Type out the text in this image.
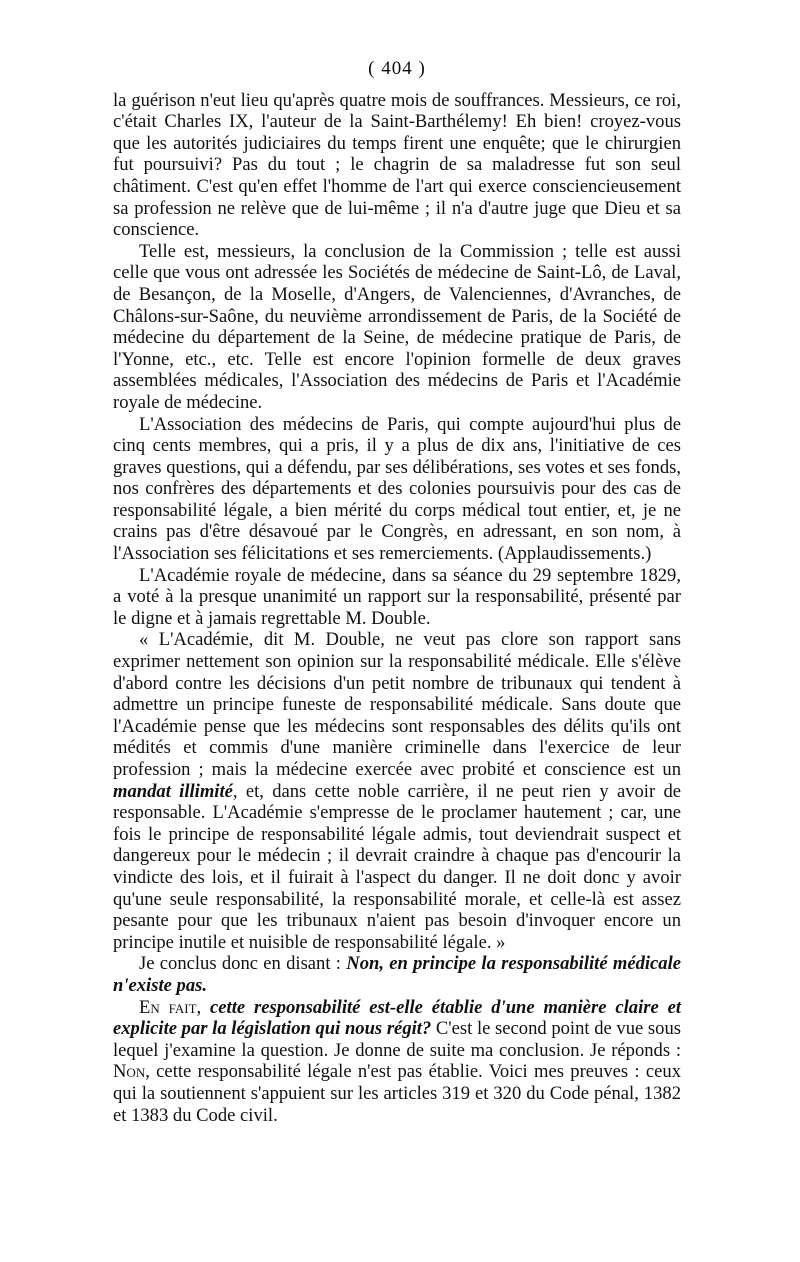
( 404 )

la guérison n'eut lieu qu'après quatre mois de souffrances. Messieurs, ce roi, c'était Charles IX, l'auteur de la Saint-Barthélemy! Eh bien! croyez-vous que les autorités judiciaires du temps firent une enquête; que le chirurgien fut poursuivi? Pas du tout ; le chagrin de sa maladresse fut son seul châtiment. C'est qu'en effet l'homme de l'art qui exerce consciencieusement sa profession ne relève que de lui-même ; il n'a d'autre juge que Dieu et sa conscience.

Telle est, messieurs, la conclusion de la Commission ; telle est aussi celle que vous ont adressée les Sociétés de médecine de Saint-Lô, de Laval, de Besançon, de la Moselle, d'Angers, de Valenciennes, d'Avranches, de Châlons-sur-Saône, du neuvième arrondissement de Paris, de la Société de médecine du département de la Seine, de médecine pratique de Paris, de l'Yonne, etc., etc. Telle est encore l'opinion formelle de deux graves assemblées médicales, l'Association des médecins de Paris et l'Académie royale de médecine.

L'Association des médecins de Paris, qui compte aujourd'hui plus de cinq cents membres, qui a pris, il y a plus de dix ans, l'initiative de ces graves questions, qui a défendu, par ses délibérations, ses votes et ses fonds, nos confrères des départements et des colonies poursuivis pour des cas de responsabilité légale, a bien mérité du corps médical tout entier, et, je ne crains pas d'être désavoué par le Congrès, en adressant, en son nom, à l'Association ses félicitations et ses remerciements. (Applaudissements.)

L'Académie royale de médecine, dans sa séance du 29 septembre 1829, a voté à la presque unanimité un rapport sur la responsabilité, présenté par le digne et à jamais regrettable M. Double.

« L'Académie, dit M. Double, ne veut pas clore son rapport sans exprimer nettement son opinion sur la responsabilité médicale. Elle s'élève d'abord contre les décisions d'un petit nombre de tribunaux qui tendent à admettre un principe funeste de responsabilité médicale. Sans doute que l'Académie pense que les médecins sont responsables des délits qu'ils ont médités et commis d'une manière criminelle dans l'exercice de leur profession ; mais la médecine exercée avec probité et conscience est un mandat illimité, et, dans cette noble carrière, il ne peut rien y avoir de responsable. L'Académie s'empresse de le proclamer hautement ; car, une fois le principe de responsabilité légale admis, tout deviendrait suspect et dangereux pour le médecin ; il devrait craindre à chaque pas d'encourir la vindicte des lois, et il fuirait à l'aspect du danger. Il ne doit donc y avoir qu'une seule responsabilité, la responsabilité morale, et celle-là est assez pesante pour que les tribunaux n'aient pas besoin d'invoquer encore un principe inutile et nuisible de responsabilité légale. »

Je conclus donc en disant : Non, en principe la responsabilité médicale n'existe pas.

En fait, cette responsabilité est-elle établie d'une manière claire et explicite par la législation qui nous régit? C'est le second point de vue sous lequel j'examine la question. Je donne de suite ma conclusion. Je réponds : Non, cette responsabilité légale n'est pas établie. Voici mes preuves : ceux qui la soutiennent s'appuient sur les articles 319 et 320 du Code pénal, 1382 et 1383 du Code civil.
